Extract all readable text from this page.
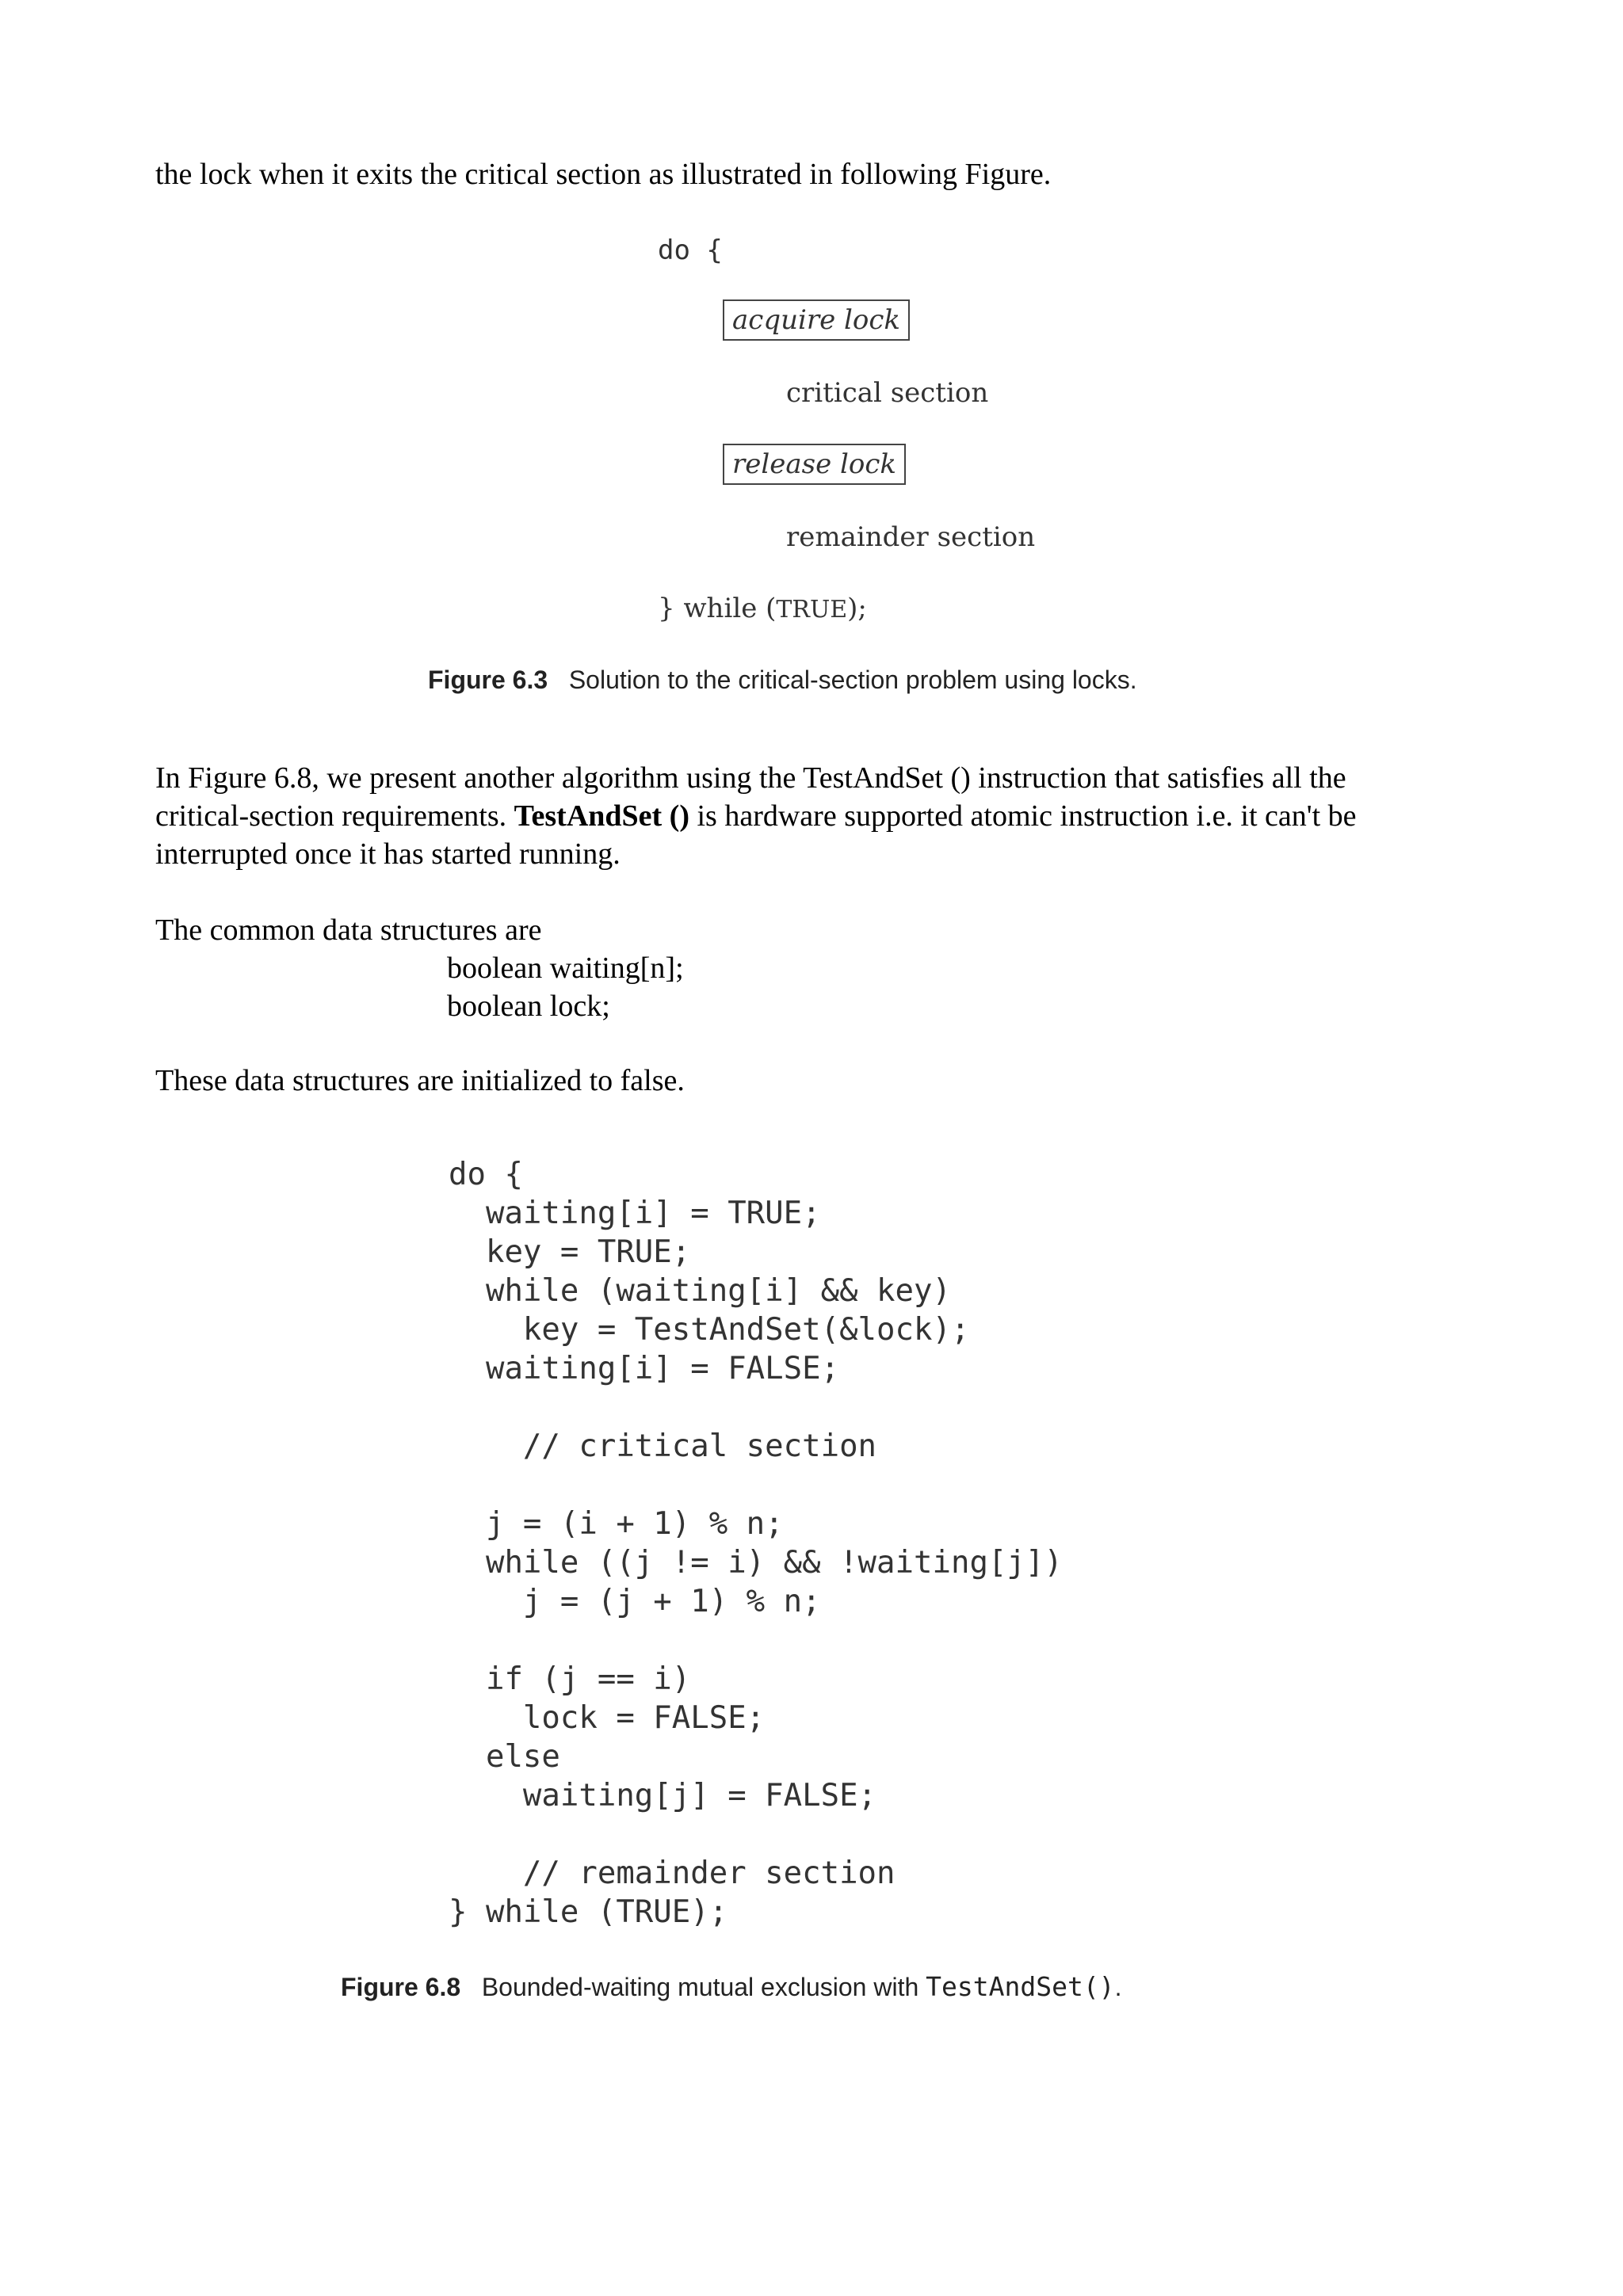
the lock when it exits the critical section as illustrated in following Figure.
do {
acquire lock
critical section
release lock
remainder section
} while (TRUE);
Figure 6.3 Solution to the critical-section problem using locks.
In Figure 6.8, we present another algorithm using the TestAndSet () instruction that satisfies all the
critical-section requirements. TestAndSet () is hardware supported atomic instruction i.e. it can't be
interrupted once it has started running.
The common data structures are
boolean waiting[n];
boolean lock;
These data structures are initialized to false.
do {
waiting[i] = TRUE;
key = TRUE;
while (waiting[i] && key)
key = TestAndSet(&lock);
waiting[i] = FALSE;

// critical section

j = (i + 1) % n;
while ((j != i) && !waiting[j])
j = (j + 1) % n;

if (j == i)
lock = FALSE;
else
waiting[j] = FALSE;

// remainder section
} while (TRUE);
Figure 6.8 Bounded-waiting mutual exclusion with TestAndSet().
